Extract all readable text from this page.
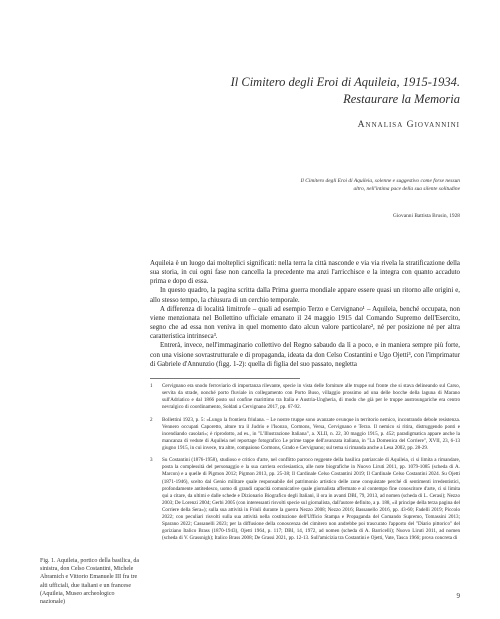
Il Cimitero degli Eroi di Aquileia, 1915-1934.
Restaurare la Memoria
Annalisa Giovannini
Il Cimitero degli Eroi di Aquileia, solenne e suggestivo come forse nessun altro, nell'intima pace della sua silente solitudine
Giovanni Battista Brusin, 1928

Aquileia è un luogo dai molteplici significati: nella terra la città nasconde e via via rivela la stratificazione della sua storia, in cui ogni fase non cancella la precedente ma anzi l'arricchisce e la integra con quanto accaduto prima e dopo di essa.

In questo quadro, la pagina scritta dalla Prima guerra mondiale appare essere quasi un ritorno alle origini e, allo stesso tempo, la chiusura di un cerchio temporale.

A differenza di località limitrofe – quali ad esempio Terzo e Cervignano¹ – Aquileia, benché occupata, non viene menzionata nel Bollettino ufficiale emanato il 24 maggio 1915 dal Comando Supremo dell'Esercito, segno che ad essa non veniva in quel momento dato alcun valore particolare², né per posizione né per altra caratteristica intrinseca³.

Entrerà, invece, nell'immaginario collettivo del Regno sabaudo da lì a poco, e in maniera sempre più forte, con una visione sovrastrutturale e di propaganda, ideata da don Celso Costantini e Ugo Ojetti³, con l'imprimatur di Gabriele d'Annunzio (figg. 1-2): quella di figlia del suo passato, negletta

1	Cervignano era snodo ferroviario di importanza rilevante, specie in vista delle forniture alle truppe sul fronte che si stava delineando sul Carso, servita da strade, nonché porto fluviale in collegamento con Porto Buso, villaggio prossimo ad una delle bocche della laguna di Marano sull'Adriatico e dal 1866 posto sul confine marittimo tra Italia e Austria-Ungheria, di modo che già per le truppe austroungariche era centro nevralgico di coordinamento, Soldati a Cervignano 2017, pp. 67-92.
2	Bollettini 1923, p. 5: «Lungo la frontiera friulana. – Le nostre truppe sono avanzate ovunque in territorio nemico, incontrando debole resistenza. Vennero occupati Caporetto, alture tra il Judrio e l'Isonzo, Cormons, Versa, Cervignano e Terzo. Il nemico si ritira, distruggendo ponti e incendiando casolari»; è riprodotto, ad es., in "L'Illustrazione Italiana", a. XLII, n. 22, 30 maggio 1915, p. 452; paradigmatica appare anche la mancanza di vedute di Aquileia nel reportage fotografico Le prime tappe dell'avanzata italiana, in "La Domenica del Corriere", XVII, 23, 6-13 giugno 1915, in cui invece, tra altre, compaiono Cormons, Grado e Cervignano; sul tema si rimanda anche a Lesa 2002, pp. 28-29.
3	Su Costantini (1876-1958), studioso e critico d'arte, nel conflitto parroco reggente della basilica patriarcale di Aquileia, ci si limita a rimandare, posta la complessità del personaggio e la sua carriera ecclesiastica, alle note biografiche in Nuovo Liruti 2011, pp. 1079-1085 (scheda di A. Marcon) e a quelle di Pigmon 2012; Pigmon 2013, pp. 25-38; Il Cardinale Celso Costantini 2019; Il Cardinale Celso Costantini 2024. Su Ojetti (1871-1946), scelto dal Genio militare quale responsabile del patrimonio artistico delle zone conquistate perché di sentimenti irredentistici, profondamente antitedesco, uomo di grandi capacità comunicative quale giornalista affermato e al contempo fine conoscitore d'arte, ci si limita qui a citare, da ultimi e dalle schede e Dizionario Biografico degli Italiani, il ora in avanti DBI, 79, 2013, ad nomen (scheda di L. Cerasi); Nezzo 2003; De Lorenzi 2004; Gerbi 2005 (con interessanti risvolti specie sul giornalista, dall'autore definito, a p. 188, «il principe della terza pagina del Corriere della Sera»); sulla sua attività in Friuli durante la guerra Nezzo 2008; Nezzo 2016; Bassanello 2016, pp. 43-60; Fadelli 2019; Piccolo 2022; con peculiari risvolti sulla sua attività nella costituzione dell'Ufficio Stampa e Propaganda del Comando Supremo, Tomassini 2013; Sparano 2022; Cassanelli 2023; per la diffusione della conoscenza del cimitero non andrebbe poi trascurato l'apporto del "Diario pittorico" del goriziano Italico Brass (1870-1943), Ojetti 1964, p. 117; DBI, 14, 1972, ad nomen (scheda di A. Barricelli); Nuovo Liruti 2011, ad nomen (scheda di V. Grassnigh); Italico Brass 2008; De Grassi 2021, pp. 12-13. Sull'amicizia tra Costantini e Ojetti, Vate, Tasca 1966; prova concreta di
Fig. 1. Aquileia, portico della basilica, da sinistra, don Celso Costantini, Michele Abramich e Vittorio Emanuele III fra tre alti ufficiali, due italiani e un francese (Aquileia, Museo archeologico nazionale)
9
